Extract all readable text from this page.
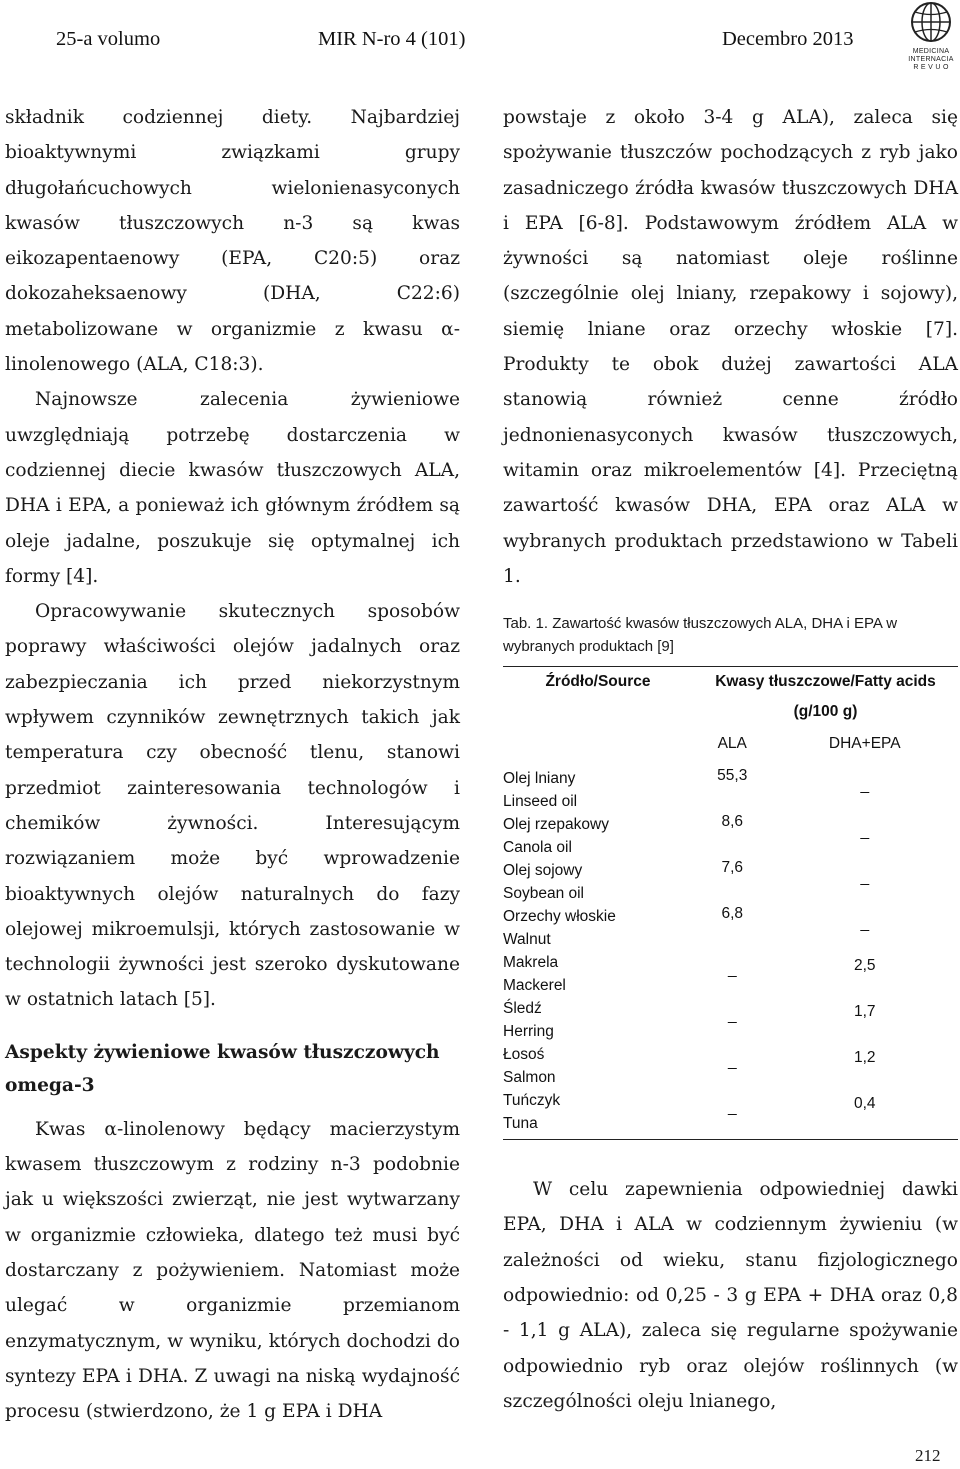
25-a volumo	MIR N-ro 4 (101)	Decembro 2013
MEDICINA
INTERNACIA
R E V U O

składnik codziennej diety. Najbardziej bioaktywnymi związkami grupy długołańcuchowych wielonienasyconych kwasów tłuszczowych n-3 są kwas eikozapentaenowy (EPA, C20:5) oraz dokozaheksaenowy (DHA, C22:6) metabolizowane w organizmie z kwasu α-linolenowego (ALA, C18:3).

Najnowsze zalecenia żywieniowe uwzględniają potrzebę dostarczenia w codziennej diecie kwasów tłuszczowych ALA, DHA i EPA, a ponieważ ich głównym źródłem są oleje jadalne, poszukuje się optymalnej ich formy [4].

Opracowywanie skutecznych sposobów poprawy właściwości olejów jadalnych oraz zabezpieczania ich przed niekorzystnym wpływem czynników zewnętrznych takich jak temperatura czy obecność tlenu, stanowi przedmiot zainteresowania technologów i chemików żywności. Interesującym rozwiązaniem może być wprowadzenie bioaktywnych olejów naturalnych do fazy olejowej mikroemulsji, których zastosowanie w technologii żywności jest szeroko dyskutowane w ostatnich latach [5].

Aspekty żywieniowe kwasów tłuszczowych omega-3

Kwas α-linolenowy będący macierzystym kwasem tłuszczowym z rodziny n-3 podobnie jak u większości zwierząt, nie jest wytwarzany w organizmie człowieka, dlatego też musi być dostarczany z pożywieniem. Natomiast może ulegać w organizmie przemianom enzymatycznym, w wyniku, których dochodzi do syntezy EPA i DHA. Z uwagi na niską wydajność procesu (stwierdzono, że 1 g EPA i DHA

powstaje z około 3-4 g ALA), zaleca się spożywanie tłuszczów pochodzących z ryb jako zasadniczego źródła kwasów tłuszczowych DHA i EPA [6-8]. Podstawowym źródłem ALA w żywności są natomiast oleje roślinne (szczególnie olej lniany, rzepakowy i sojowy), siemię lniane oraz orzechy włoskie [7]. Produkty te obok dużej zawartości ALA stanowią również cenne źródło jednonienasyconych kwasów tłuszczowych, witamin oraz mikroelementów [4]. Przeciętną zawartość kwasów DHA, EPA oraz ALA w wybranych produktach przedstawiono w Tabeli 1.

Tab. 1. Zawartość kwasów tłuszczowych ALA, DHA i EPA w wybranych produktach [9]
Źródło/Source	Kwasy tłuszczowe/Fatty acids	
	(g/100 g)	
	ALA	DHA+EPA

Olej lniany
Linseed oil	55,3	_

Olej rzepakowy
Canola oil	8,6	_

Olej sojowy
Soybean oil	7,6	_

Orzechy włoskie
Walnut	6,8	_

Makrela
Mackerel	_	2,5

Śledź
Herring	_	1,7

Łosoś
Salmon	_	1,2

Tuńczyk
Tuna	_	0,4

W celu zapewnienia odpowiedniej dawki EPA, DHA i ALA w codziennym żywieniu (w zależności od wieku, stanu fizjologicznego odpowiednio: od 0,25 - 3 g EPA + DHA oraz 0,8 - 1,1 g ALA), zaleca się regularne spożywanie odpowiednio ryb oraz olejów roślinnych (w szczególności oleju lnianego,

212
